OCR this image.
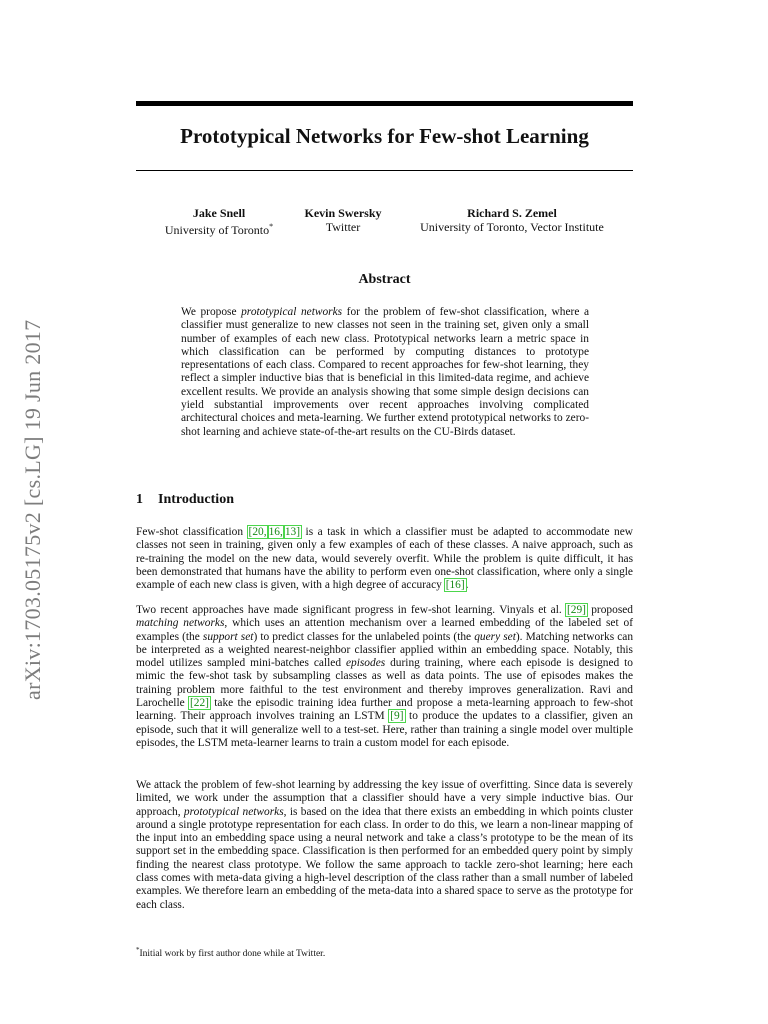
arXiv:1703.05175v2 [cs.LG] 19 Jun 2017
Prototypical Networks for Few-shot Learning
Jake Snell
University of Toronto*
Kevin Swersky
Twitter
Richard S. Zemel
University of Toronto, Vector Institute
Abstract

We propose prototypical networks for the problem of few-shot classification, where a classifier must generalize to new classes not seen in the training set, given only a small number of examples of each new class. Prototypical networks learn a metric space in which classification can be performed by computing distances to prototype representations of each class. Compared to recent approaches for few-shot learning, they reflect a simpler inductive bias that is beneficial in this limited-data regime, and achieve excellent results. We provide an analysis showing that some simple design decisions can yield substantial improvements over recent approaches involving complicated architectural choices and meta-learning. We further extend prototypical networks to zero-shot learning and achieve state-of-the-art results on the CU-Birds dataset.

1 Introduction

Few-shot classification [20, 16, 13] is a task in which a classifier must be adapted to accommodate new classes not seen in training, given only a few examples of each of these classes. A naive approach, such as re-training the model on the new data, would severely overfit. While the problem is quite difficult, it has been demonstrated that humans have the ability to perform even one-shot classification, where only a single example of each new class is given, with a high degree of accuracy [16].

Two recent approaches have made significant progress in few-shot learning. Vinyals et al. [29] proposed matching networks, which uses an attention mechanism over a learned embedding of the labeled set of examples (the support set) to predict classes for the unlabeled points (the query set). Matching networks can be interpreted as a weighted nearest-neighbor classifier applied within an embedding space. Notably, this model utilizes sampled mini-batches called episodes during training, where each episode is designed to mimic the few-shot task by subsampling classes as well as data points. The use of episodes makes the training problem more faithful to the test environment and thereby improves generalization. Ravi and Larochelle [22] take the episodic training idea further and propose a meta-learning approach to few-shot learning. Their approach involves training an LSTM [9] to produce the updates to a classifier, given an episode, such that it will generalize well to a test-set. Here, rather than training a single model over multiple episodes, the LSTM meta-learner learns to train a custom model for each episode.

We attack the problem of few-shot learning by addressing the key issue of overfitting. Since data is severely limited, we work under the assumption that a classifier should have a very simple inductive bias. Our approach, prototypical networks, is based on the idea that there exists an embedding in which points cluster around a single prototype representation for each class. In order to do this, we learn a non-linear mapping of the input into an embedding space using a neural network and take a class’s prototype to be the mean of its support set in the embedding space. Classification is then performed for an embedded query point by simply finding the nearest class prototype. We follow the same approach to tackle zero-shot learning; here each class comes with meta-data giving a high-level description of the class rather than a small number of labeled examples. We therefore learn an embedding of the meta-data into a shared space to serve as the prototype for each class.

*Initial work by first author done while at Twitter.
